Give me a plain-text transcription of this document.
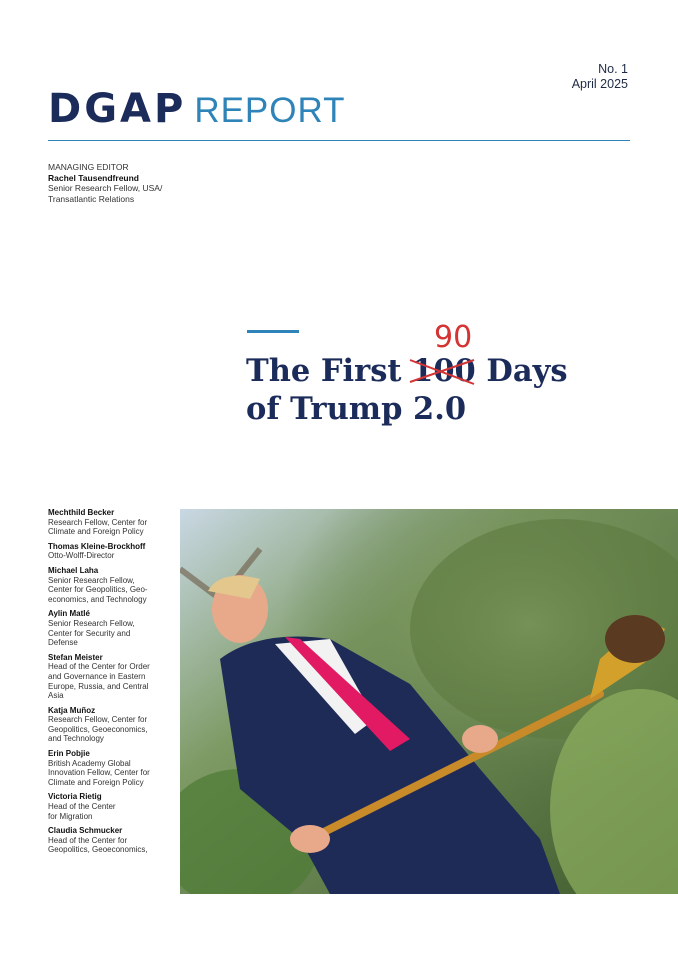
No. 1
April 2025
DGAP REPORT
MANAGING EDITOR
Rachel Tausendfreund
Senior Research Fellow, USA/
Transatlantic Relations
90
The First 100 Days
of Trump 2.0
Mechthild Becker
Research Fellow, Center for
Climate and Foreign Policy
Thomas Kleine-Brockhoff
Otto-Wolff-Director
Michael Laha
Senior Research Fellow,
Center for Geopolitics, Geo-
economics, and Technology
Aylin Matlé
Senior Research Fellow,
Center for Security and
Defense
Stefan Meister
Head of the Center for Order
and Governance in Eastern
Europe, Russia, and Central
Asia
Katja Muñoz
Research Fellow, Center for
Geopolitics, Geoeconomics,
and Technology
Erin Pobjie
British Academy Global
Innovation Fellow, Center for
Climate and Foreign Policy
Victoria Rietig
Head of the Center
for Migration
Claudia Schmucker
Head of the Center for
Geopolitics, Geoeconomics,
